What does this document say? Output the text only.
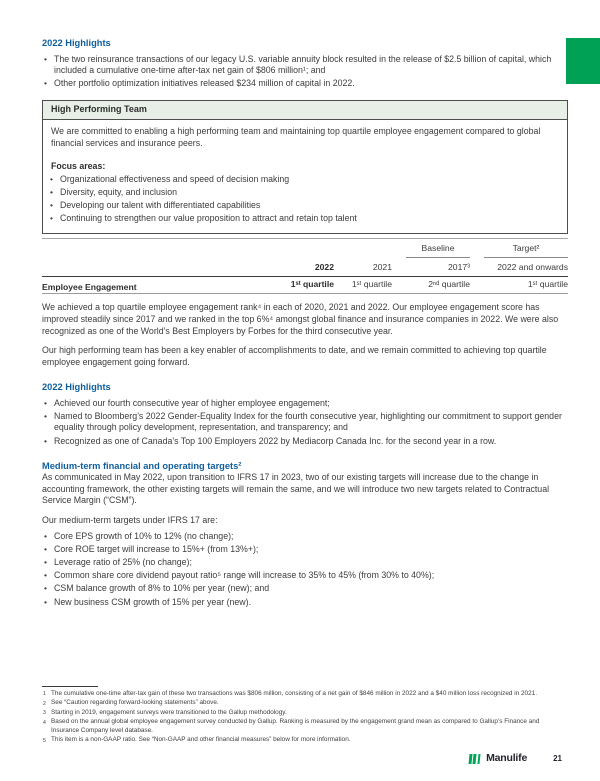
2022 Highlights
•
The two reinsurance transactions of our legacy U.S. variable annuity block resulted in the release of $2.5 billion of capital, which included a cumulative one-time after-tax net gain of $806 million¹; and
•
Other portfolio optimization initiatives released $234 million of capital in 2022.
High Performing Team

We are committed to enabling a high performing team and maintaining top quartile employee engagement compared to global financial services and insurance peers.

Focus areas:

•
Organizational effectiveness and speed of decision making
•
Diversity, equity, and inclusion
•
Developing our talent with differentiated capabilities
•
Continuing to strengthen our value proposition to attract and retain top talent
Baseline	Target²
2022	2021	2017³	2022 and onwards
Employee Engagement	1ˢᵗ quartile	1ˢᵗ quartile	2ⁿᵈ quartile	1ˢᵗ quartile

We achieved a top quartile employee engagement rank⁴ in each of 2020, 2021 and 2022. Our employee engagement score has improved steadily since 2017 and we ranked in the top 6%⁴ amongst global finance and insurance companies in 2022. We were also recognized as one of the World’s Best Employers by Forbes for the third consecutive year.

Our high performing team has been a key enabler of accomplishments to date, and we remain committed to achieving top quartile employee engagement going forward.

2022 Highlights
•
Achieved our fourth consecutive year of higher employee engagement;
•
Named to Bloomberg’s 2022 Gender-Equality Index for the fourth consecutive year, highlighting our commitment to support gender equality through policy development, representation, and transparency; and
•
Recognized as one of Canada’s Top 100 Employers 2022 by Mediacorp Canada Inc. for the second year in a row.
Medium-term financial and operating targets²

As communicated in May 2022, upon transition to IFRS 17 in 2023, two of our existing targets will increase due to the change in accounting framework, the other existing targets will remain the same, and we will introduce two new targets related to Contractual Service Margin (“CSM”).

Our medium-term targets under IFRS 17 are:

•
Core EPS growth of 10% to 12% (no change);
•
Core ROE target will increase to 15%+ (from 13%+);
•
Leverage ratio of 25% (no change);
•
Common share core dividend payout ratio⁵ range will increase to 35% to 45% (from 30% to 40%);
•
CSM balance growth of 8% to 10% per year (new); and
•
New business CSM growth of 15% per year (new).
1 The cumulative one-time after-tax gain of these two transactions was $806 million, consisting of a net gain of $846 million in 2022 and a $40 million loss recognized in 2021.
2 See “Caution regarding forward-looking statements” above.
3 Starting in 2019, engagement surveys were transitioned to the Gallup methodology.
4 Based on the annual global employee engagement survey conducted by Gallup. Ranking is measured by the engagement grand mean as compared to Gallup’s Finance and Insurance Company level database.
5 This item is a non-GAAP ratio. See “Non-GAAP and other financial measures” below for more information.
Manulife	21
